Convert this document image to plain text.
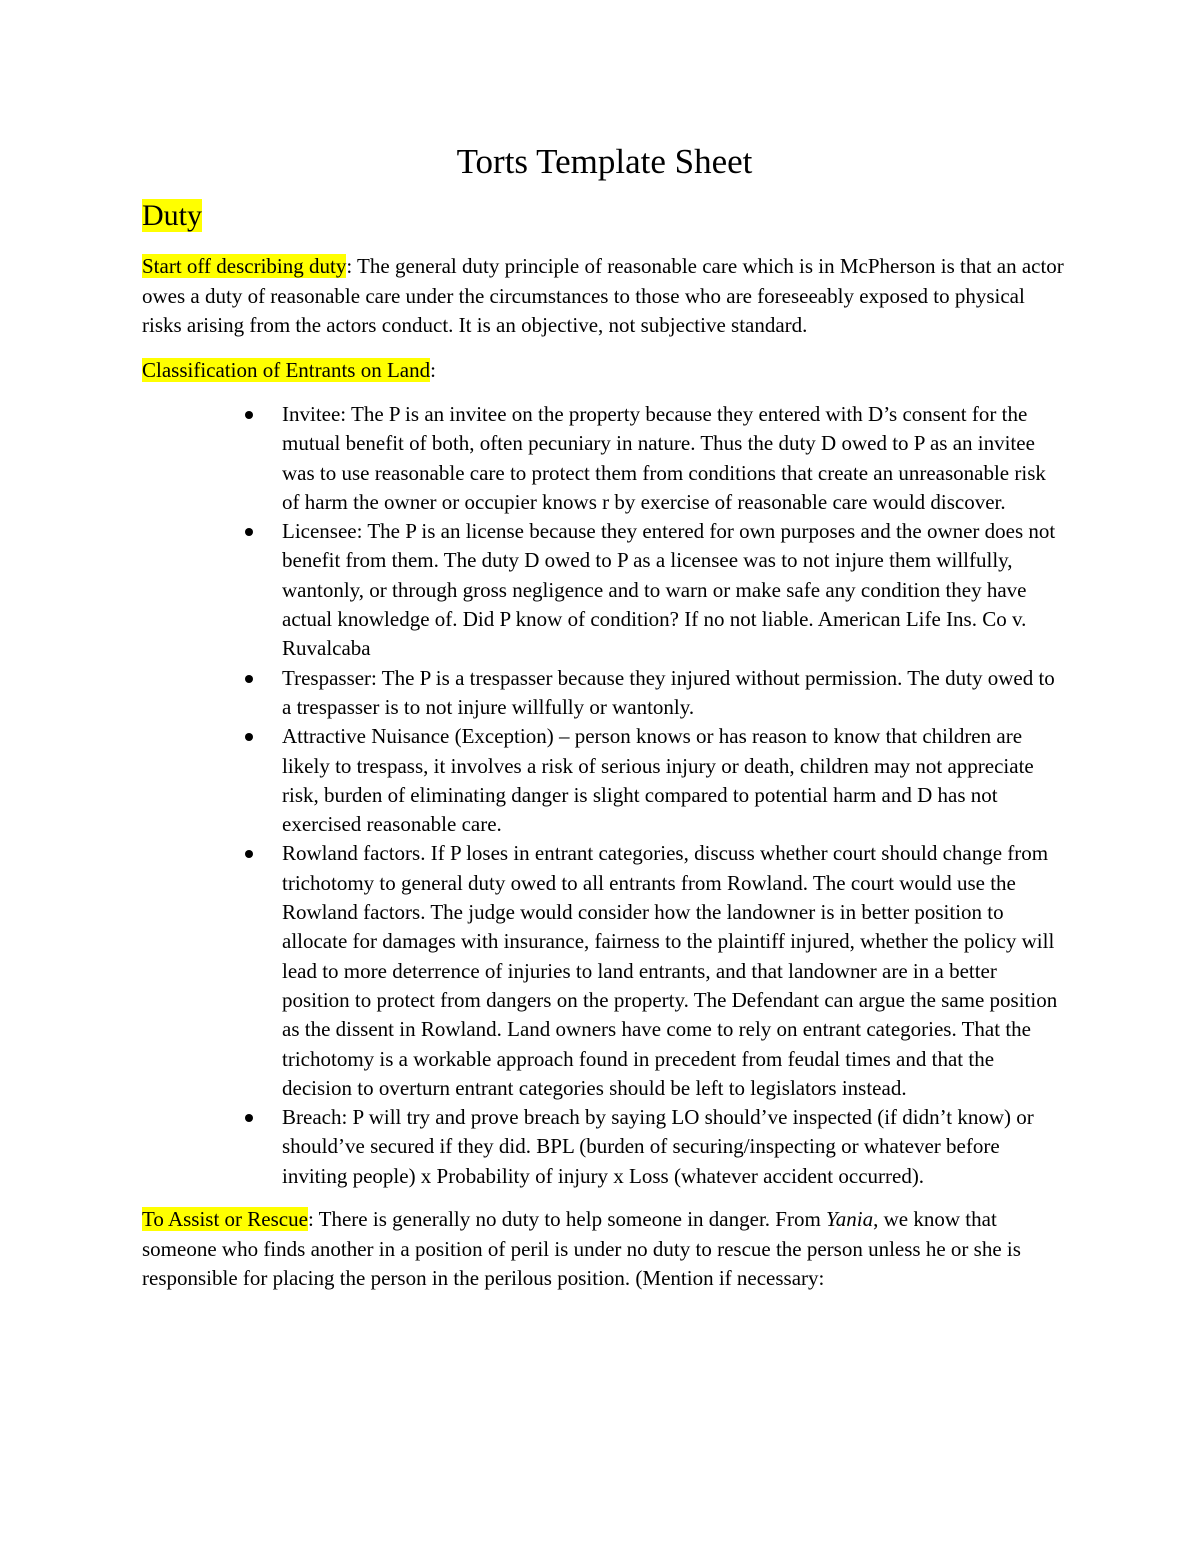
Torts Template Sheet
Duty

Start off describing duty: The general duty principle of reasonable care which is in McPherson is that an actor owes a duty of reasonable care under the circumstances to those who are foreseeably exposed to physical risks arising from the actors conduct. It is an objective, not subjective standard.

Classification of Entrants on Land:

Invitee: The P is an invitee on the property because they entered with D’s consent for the mutual benefit of both, often pecuniary in nature. Thus the duty D owed to P as an invitee was to use reasonable care to protect them from conditions that create an unreasonable risk of harm the owner or occupier knows r by exercise of reasonable care would discover.
Licensee: The P is an license because they entered for own purposes and the owner does not benefit from them. The duty D owed to P as a licensee was to not injure them willfully, wantonly, or through gross negligence and to warn or make safe any condition they have actual knowledge of. Did P know of condition? If no not liable. American Life Ins. Co v. Ruvalcaba
Trespasser: The P is a trespasser because they injured without permission. The duty owed to a trespasser is to not injure willfully or wantonly.
Attractive Nuisance (Exception) – person knows or has reason to know that children are likely to trespass, it involves a risk of serious injury or death, children may not appreciate risk, burden of eliminating danger is slight compared to potential harm and D has not exercised reasonable care.
Rowland factors. If P loses in entrant categories, discuss whether court should change from trichotomy to general duty owed to all entrants from Rowland. The court would use the Rowland factors. The judge would consider how the landowner is in better position to allocate for damages with insurance, fairness to the plaintiff injured, whether the policy will lead to more deterrence of injuries to land entrants, and that landowner are in a better position to protect from dangers on the property. The Defendant can argue the same position as the dissent in Rowland. Land owners have come to rely on entrant categories. That the trichotomy is a workable approach found in precedent from feudal times and that the decision to overturn entrant categories should be left to legislators instead.
Breach: P will try and prove breach by saying LO should’ve inspected (if didn’t know) or should’ve secured if they did. BPL (burden of securing/inspecting or whatever before inviting people) x Probability of injury x Loss (whatever accident occurred).

To Assist or Rescue: There is generally no duty to help someone in danger. From Yania, we know that someone who finds another in a position of peril is under no duty to rescue the person unless he or she is responsible for placing the person in the perilous position. (Mention if necessary:
